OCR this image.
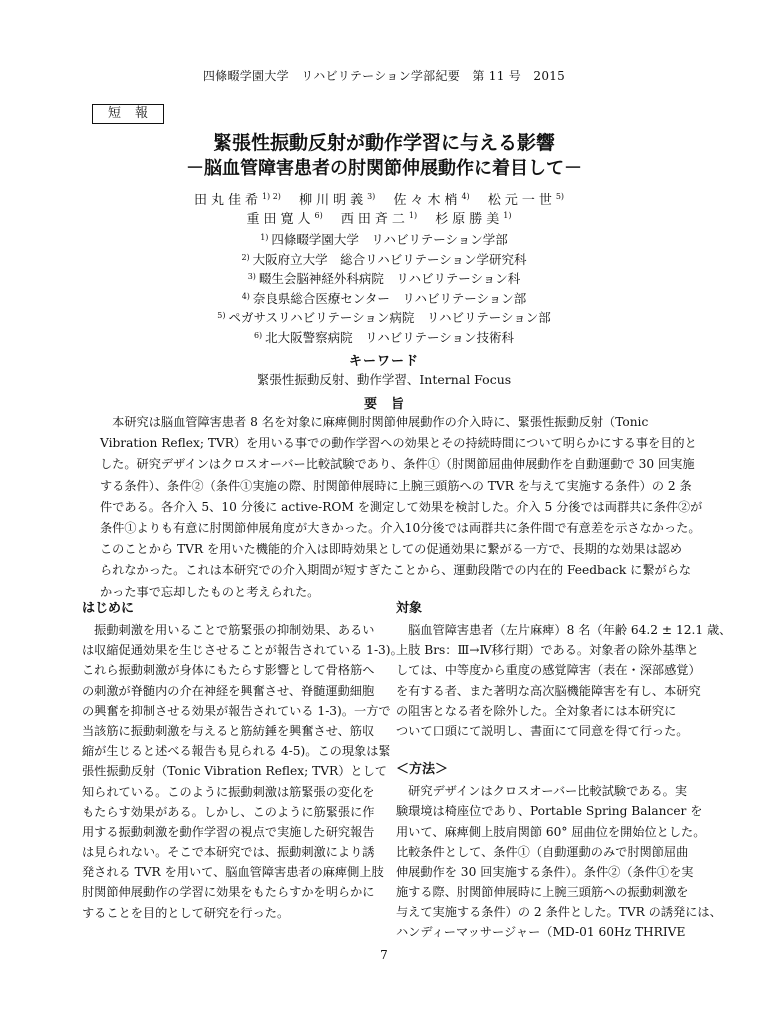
四條畷学園大学　リハビリテーション学部紀要　第 11 号　2015
短報
緊張性振動反射が動作学習に与える影響
－脳血管障害患者の肘関節伸展動作に着目して－
田丸佳希$^{1) 2)}$ 柳川明義$^{3)}$ 佐々木梢$^{4)}$ 松元一世$^{5)}$
重田寛人$^{6)}$ 西田斉二$^{1)}$ 杉原勝美$^{1)}$
$^{1)}$ 四條畷学園大学　リハビリテーション学部
$^{2)}$ 大阪府立大学　総合リハビリテーション学研究科
$^{3)}$ 畷生会脳神経外科病院　リハビリテーション科
$^{4)}$ 奈良県総合医療センター　リハビリテーション部
$^{5)}$ ペガサスリハビリテーション病院　リハビリテーション部
$^{6)}$ 北大阪警察病院　リハビリテーション技術科
キーワード
緊張性振動反射、動作学習、Internal Focus
要旨
　本研究は脳血管障害患者 8 名を対象に麻痺側肘関節伸展動作の介入時に、緊張性振動反射（Tonic
Vibration Reflex; TVR）を用いる事での動作学習への効果とその持続時間について明らかにする事を目的と
した。研究デザインはクロスオーバー比較試験であり、条件①（肘関節屈曲伸展動作を自動運動で 30 回実施
する条件）、条件②（条件①実施の際、肘関節伸展時に上腕三頭筋への TVR を与えて実施する条件）の 2 条
件である。各介入 5、10 分後に active-ROM を測定して効果を検討した。介入 5 分後では両群共に条件②が
条件①よりも有意に肘関節伸展角度が大きかった。介入10分後では両群共に条件間で有意差を示さなかった。
このことから TVR を用いた機能的介入は即時効果としての促通効果に繋がる一方で、長期的な効果は認め
られなかった。これは本研究での介入期間が短すぎたことから、運動段階での内在的 Feedback に繋がらな
かった事で忘却したものと考えられた。
はじめに
　振動刺激を用いることで筋緊張の抑制効果、あるい
は収縮促通効果を生じさせることが報告されている 1-3)。
これら振動刺激が身体にもたらす影響として骨格筋へ
の刺激が脊髄内の介在神経を興奮させ、脊髄運動細胞
の興奮を抑制させる効果が報告されている 1-3)。一方で
当該筋に振動刺激を与えると筋紡錘を興奮させ、筋収
縮が生じると述べる報告も見られる 4-5)。この現象は緊
張性振動反射（Tonic Vibration Reflex; TVR）として
知られている。このように振動刺激は筋緊張の変化を
もたらす効果がある。しかし、このように筋緊張に作
用する振動刺激を動作学習の視点で実施した研究報告
は見られない。そこで本研究では、振動刺激により誘
発される TVR を用いて、脳血管障害患者の麻痺側上肢
肘関節伸展動作の学習に効果をもたらすかを明らかに
することを目的として研究を行った。
対象
　脳血管障害患者（左片麻痺）8 名（年齢 64.2 ± 12.1 歳、
上肢 Brs：Ⅲ→Ⅳ移行期）である。対象者の除外基準と
しては、中等度から重度の感覚障害（表在・深部感覚）
を有する者、また著明な高次脳機能障害を有し、本研究
の阻害となる者を除外した。全対象者には本研究に
ついて口頭にて説明し、書面にて同意を得て行った。
＜方法＞
　研究デザインはクロスオーバー比較試験である。実
験環境は椅座位であり、Portable Spring Balancer を
用いて、麻痺側上肢肩関節 60° 屈曲位を開始位とした。
比較条件として、条件①（自動運動のみで肘関節屈曲
伸展動作を 30 回実施する条件）。条件②（条件①を実
施する際、肘関節伸展時に上腕三頭筋への振動刺激を
与えて実施する条件）の 2 条件とした。TVR の誘発には、
ハンディーマッサージャー（MD-01 60Hz THRIVE
7
